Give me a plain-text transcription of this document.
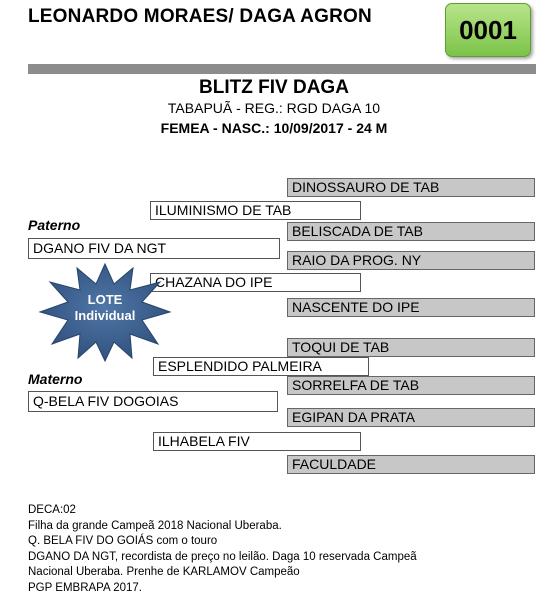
LEONARDO MORAES/ DAGA AGRON	0001
BLITZ FIV DAGA
TABAPUÃ - REG.: RGD DAGA 10
FEMEA - NASC.: 10/09/2017 - 24 M
Paterno
Materno
DGANO FIV DA NGT
Q-BELA FIV DOGOIAS
ILUMINISMO DE TAB
CHAZANA DO IPE
ESPLENDIDO PALMEIRA
ILHABELA FIV
DINOSSAURO DE TAB
BELISCADA DE TAB
RAIO DA PROG. NY
NASCENTE DO IPE
TOQUI DE TAB
SORRELFA DE TAB
EGIPAN DA PRATA
FACULDADE
LOTE
Individual
DECA:02
Filha da grande Campeã 2018 Nacional Uberaba.
Q. BELA FIV DO GOIÁS com o touro
DGANO DA NGT, recordista de preço no leilão. Daga 10 reservada Campeã
Nacional Uberaba. Prenhe de KARLAMOV Campeão
PGP EMBRAPA 2017.
